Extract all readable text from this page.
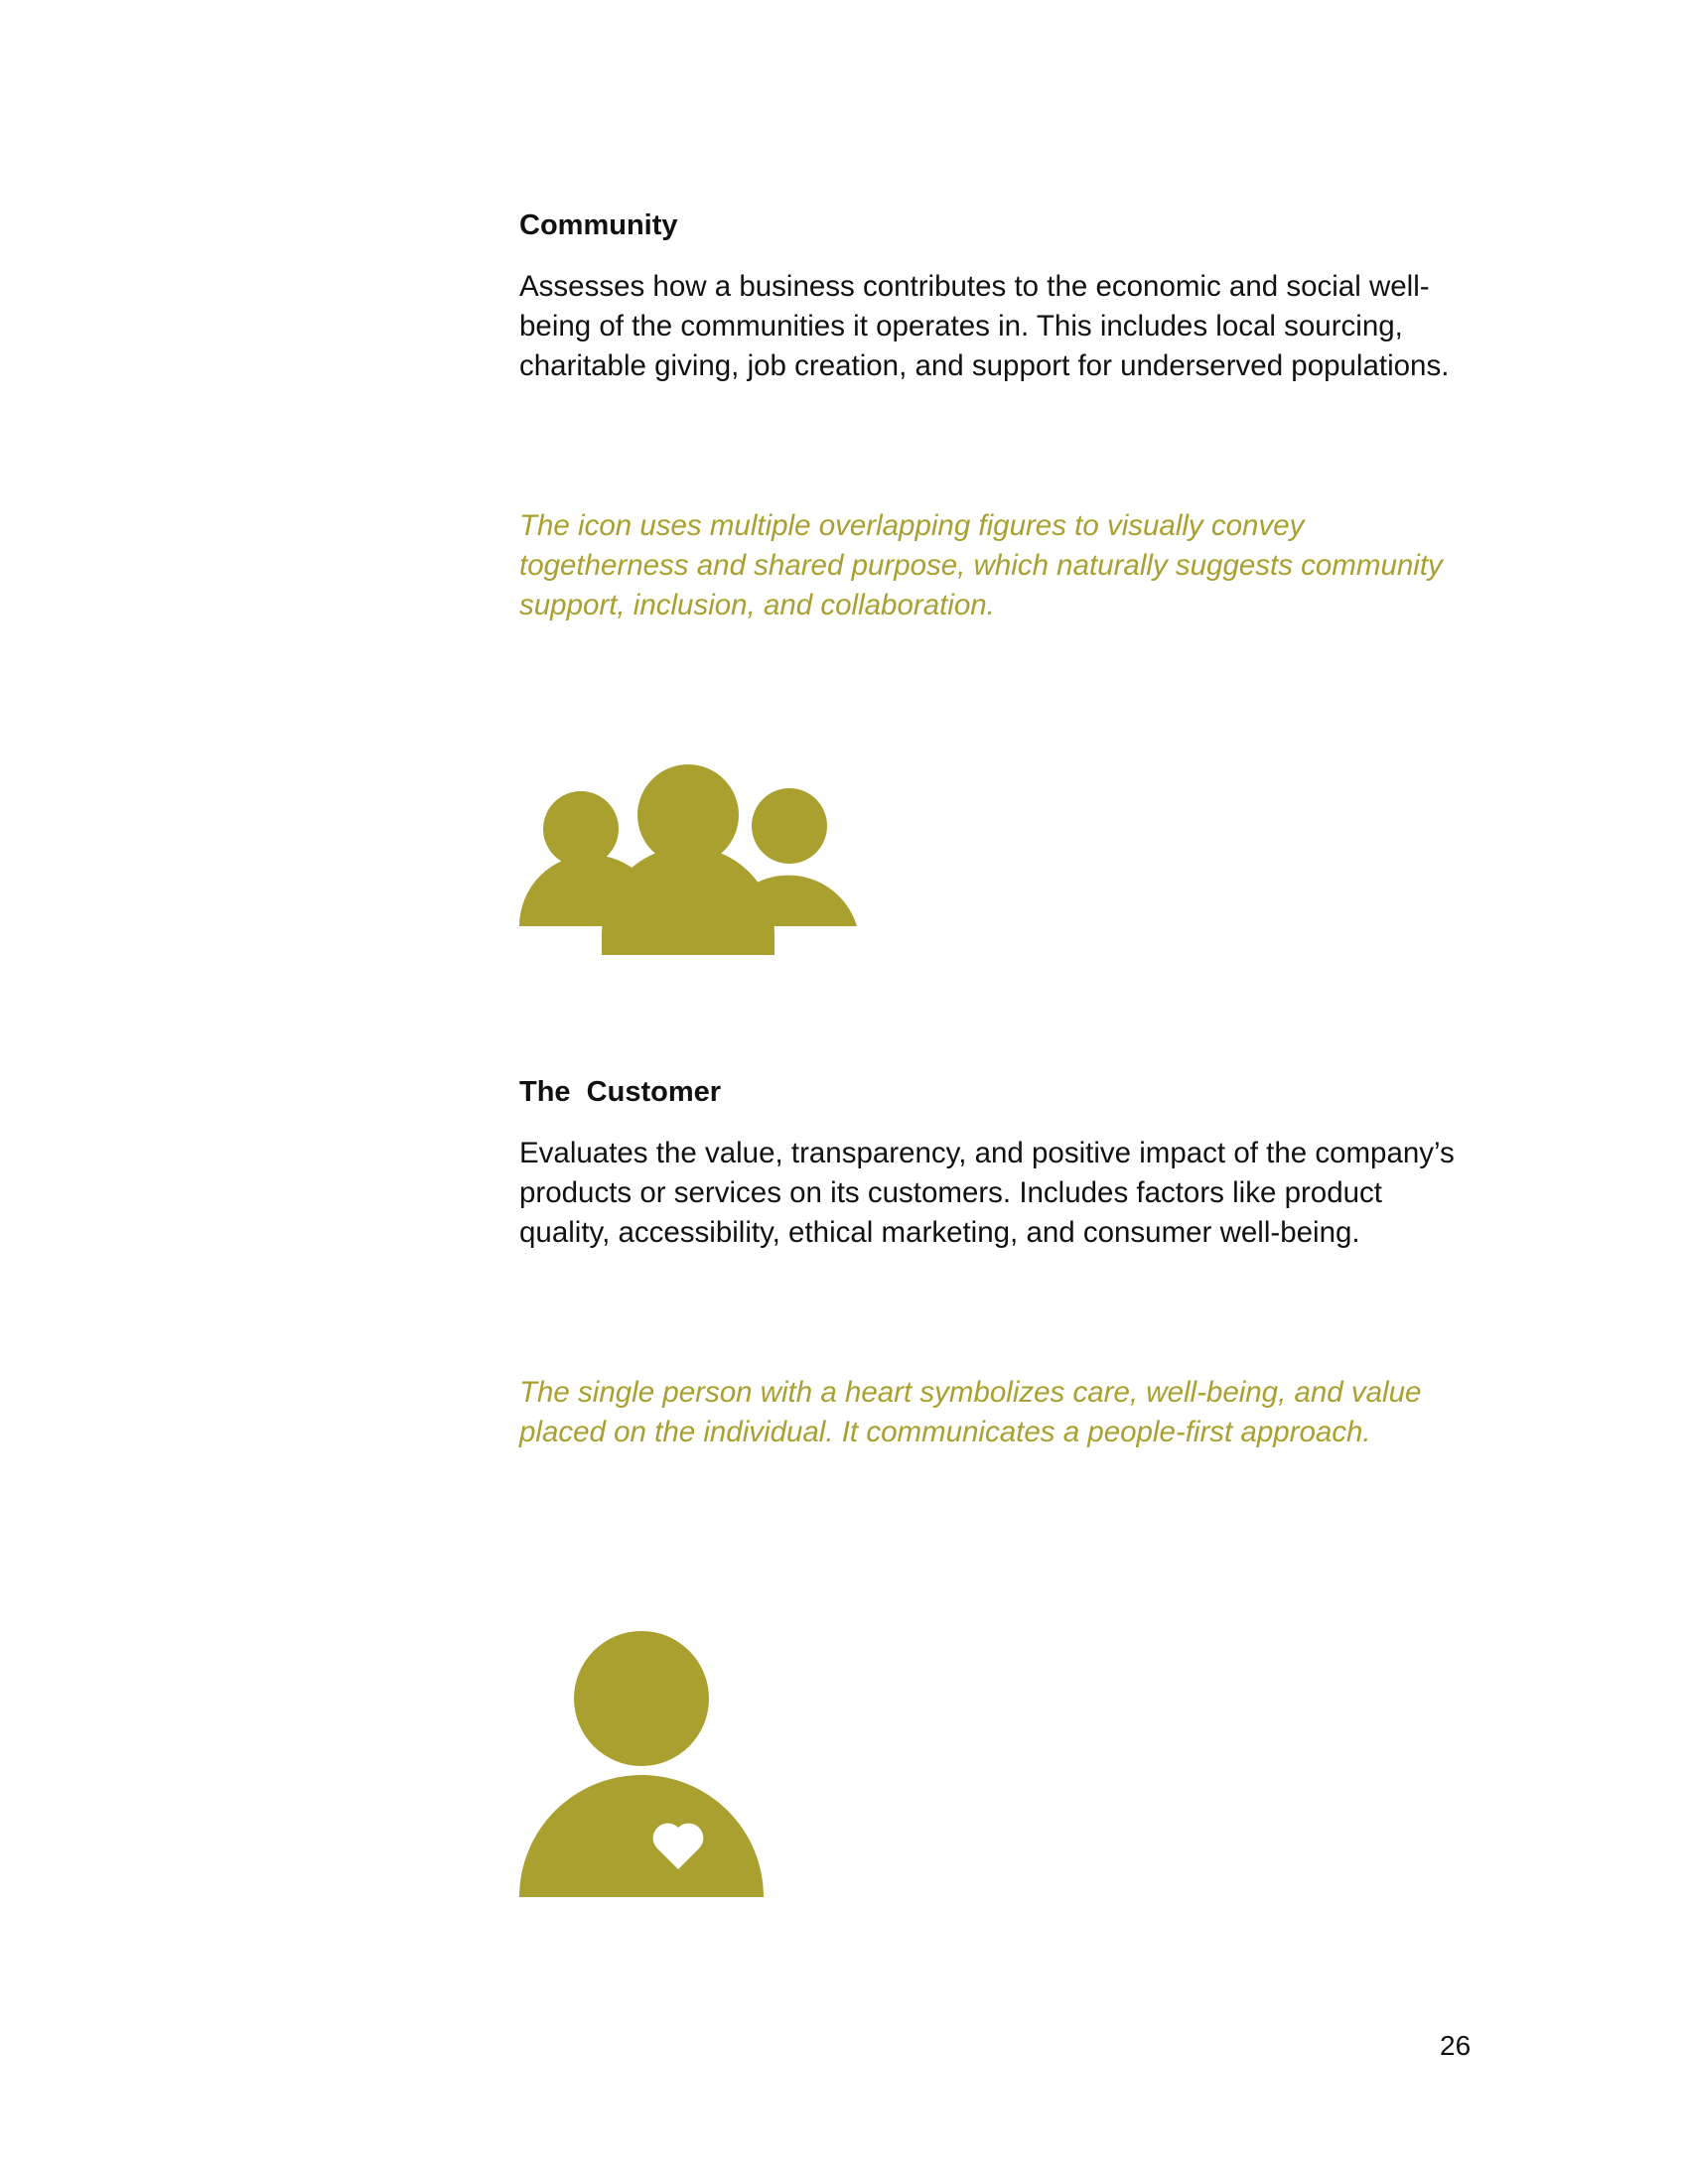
Community

Assesses how a business contributes to the economic and social well-being of the communities it operates in. This includes local sourcing, charitable giving, job creation, and support for underserved populations.

The icon uses multiple overlapping figures to visually convey togetherness and shared purpose, which naturally suggests community support, inclusion, and collaboration.

The  Customer

Evaluates the value, transparency, and positive impact of the company’s products or services on its customers. Includes factors like product quality, accessibility, ethical marketing, and consumer well-being.

The single person with a heart symbolizes care, well-being, and value placed on the individual. It communicates a people-first approach.

26
